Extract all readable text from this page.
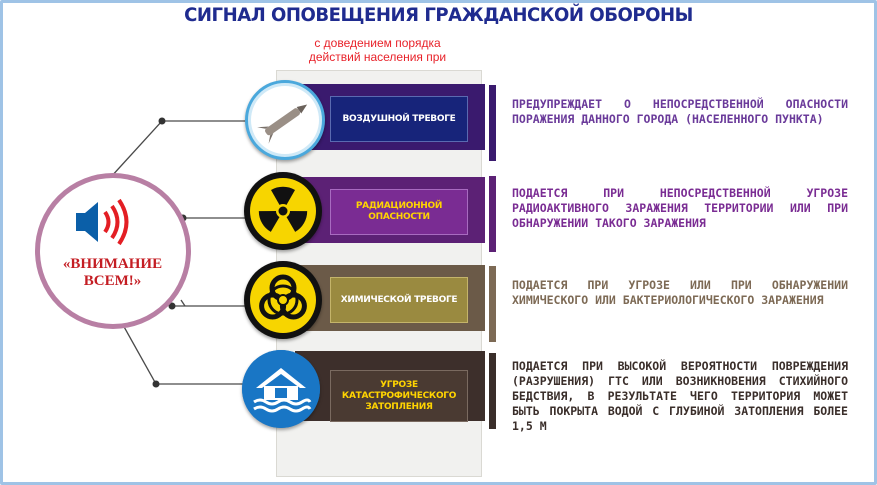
СИГНАЛ ОПОВЕЩЕНИЯ ГРАЖДАНСКОЙ ОБОРОНЫ
с доведением порядка действий населения при
«ВНИМАНИЕ ВСЕМ!»
ВОЗДУШНОЙ ТРЕВОГЕ
ПРЕДУПРЕЖДАЕТ О НЕПОСРЕДСТВЕННОЙ ОПАСНОСТИ ПОРАЖЕНИЯ ДАННОГО ГОРОДА (НАСЕЛЕННОГО ПУНКТА)
РАДИАЦИОННОЙ ОПАСНОСТИ
ПОДАЕТСЯ ПРИ НЕПОСРЕДСТВЕННОЙ УГРОЗЕ РАДИОАКТИВНОГО ЗАРАЖЕНИЯ ТЕРРИТОРИИ ИЛИ ПРИ ОБНАРУЖЕНИИ ТАКОГО ЗАРАЖЕНИЯ
ХИМИЧЕСКОЙ ТРЕВОГЕ
ПОДАЕТСЯ ПРИ УГРОЗЕ ИЛИ ПРИ ОБНАРУЖЕНИИ ХИМИЧЕСКОГО ИЛИ БАКТЕРИОЛОГИЧЕСКОГО ЗАРАЖЕНИЯ
УГРОЗЕ КАТАСТРОФИЧЕСКОГО ЗАТОПЛЕНИЯ
ПОДАЕТСЯ ПРИ ВЫСОКОЙ ВЕРОЯТНОСТИ ПОВРЕЖДЕНИЯ (РАЗРУШЕНИЯ) ГТС ИЛИ ВОЗНИКНОВЕНИЯ СТИХИЙНОГО БЕДСТВИЯ, В РЕЗУЛЬТАТЕ ЧЕГО ТЕРРИТОРИЯ МОЖЕТ БЫТЬ ПОКРЫТА ВОДОЙ С ГЛУБИНОЙ ЗАТОПЛЕНИЯ БОЛЕЕ 1,5 М
